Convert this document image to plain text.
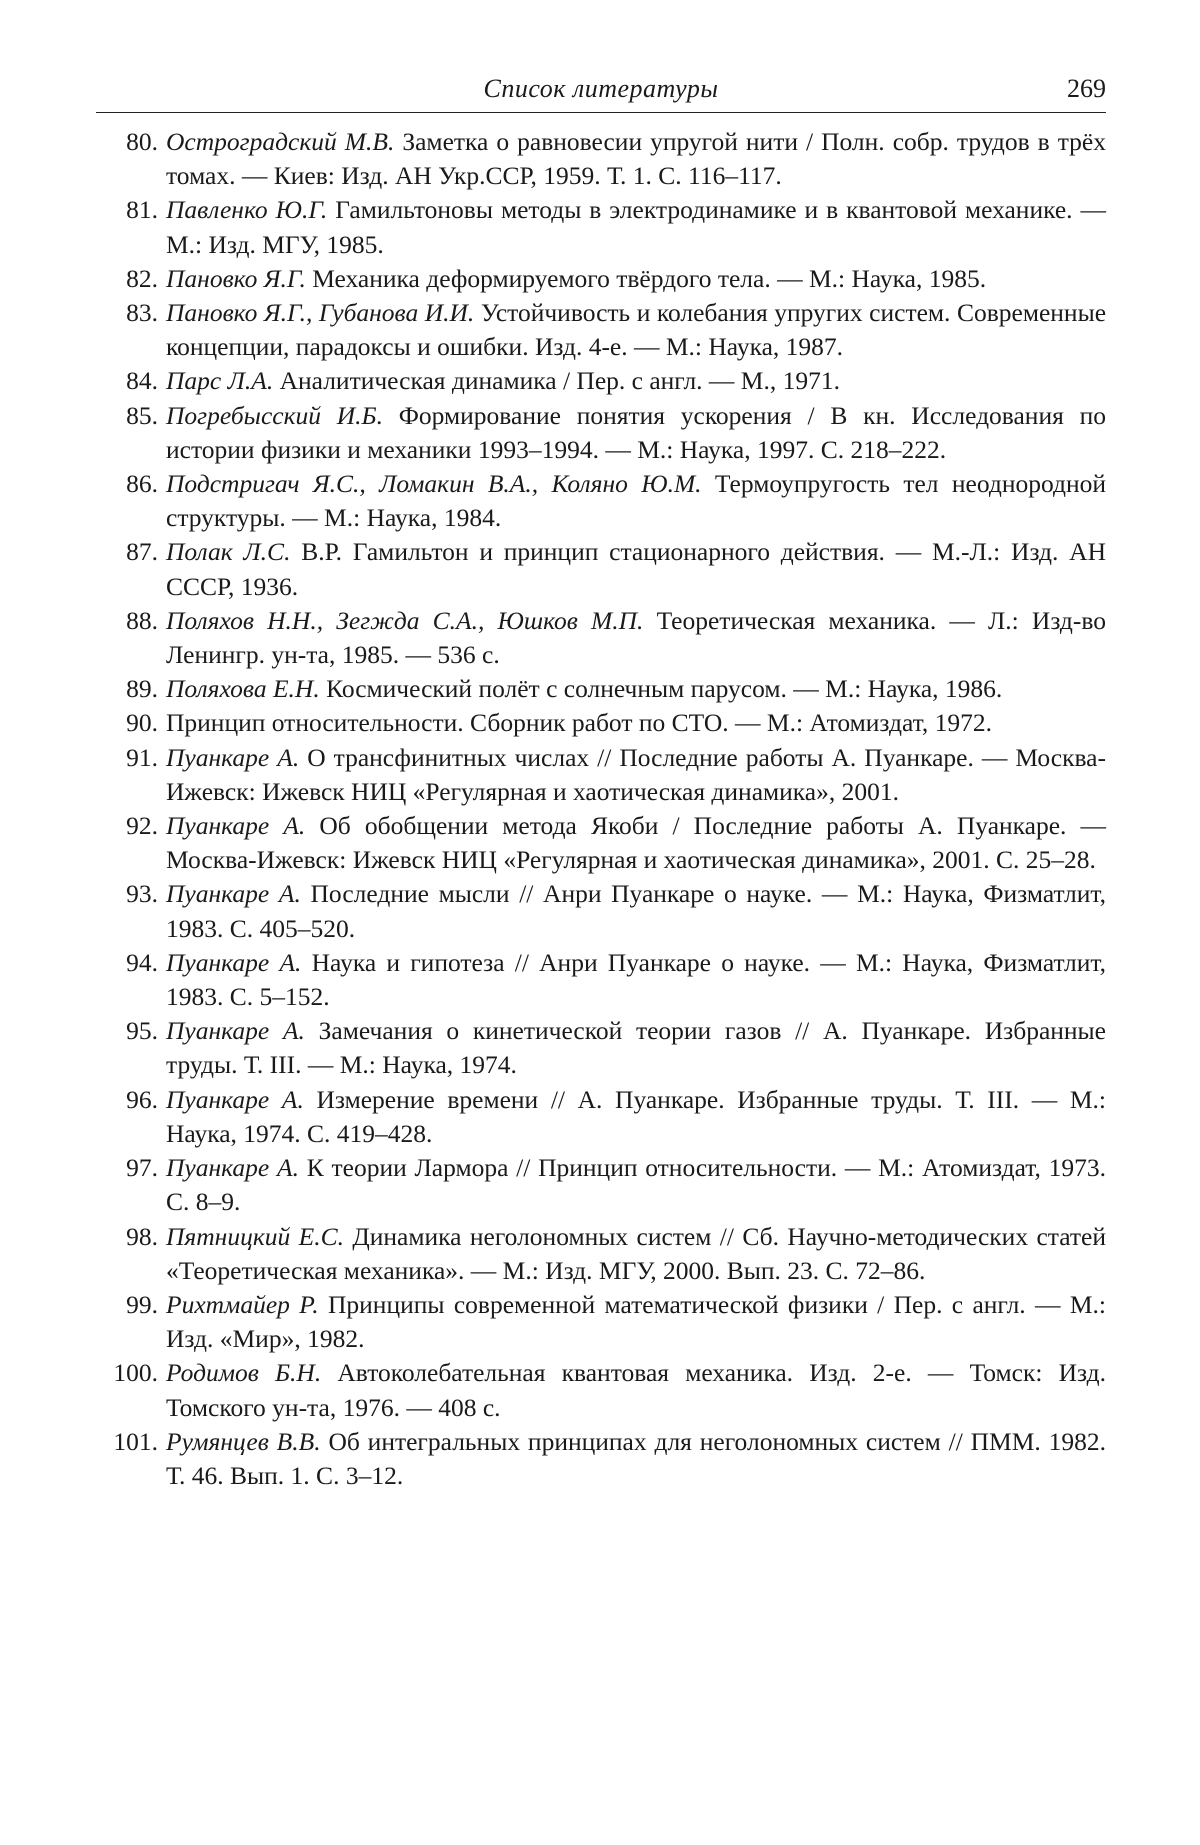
Список литературы	269
80. Остроградский М.В. Заметка о равновесии упругой нити / Полн. собр. трудов в трёх томах. — Киев: Изд. АН Укр.ССР, 1959. Т. 1. С. 116–117.
81. Павленко Ю.Г. Гамильтоновы методы в электродинамике и в квантовой механике. — М.: Изд. МГУ, 1985.
82. Пановко Я.Г. Механика деформируемого твёрдого тела. — М.: Наука, 1985.
83. Пановко Я.Г., Губанова И.И. Устойчивость и колебания упругих систем. Современные концепции, парадоксы и ошибки. Изд. 4-е. — М.: Наука, 1987.
84. Парс Л.А. Аналитическая динамика / Пер. с англ. — М., 1971.
85. Погребысский И.Б. Формирование понятия ускорения / В кн. Исследования по истории физики и механики 1993–1994. — М.: Наука, 1997. С. 218–222.
86. Подстригач Я.С., Ломакин В.А., Коляно Ю.М. Термоупругость тел неоднородной структуры. — М.: Наука, 1984.
87. Полак Л.С. В.Р. Гамильтон и принцип стационарного действия. — М.-Л.: Изд. АН СССР, 1936.
88. Поляхов Н.Н., Зегжда С.А., Юшков М.П. Теоретическая механика. — Л.: Изд-во Ленингр. ун-та, 1985. — 536 с.
89. Поляхова Е.Н. Космический полёт с солнечным парусом. — М.: Наука, 1986.
90. Принцип относительности. Сборник работ по СТО. — М.: Атомиздат, 1972.
91. Пуанкаре А. О трансфинитных числах // Последние работы А. Пуанкаре. — Москва-Ижевск: Ижевск НИЦ «Регулярная и хаотическая динамика», 2001.
92. Пуанкаре А. Об обобщении метода Якоби / Последние работы А. Пуанкаре. — Москва-Ижевск: Ижевск НИЦ «Регулярная и хаотическая динамика», 2001. С. 25–28.
93. Пуанкаре А. Последние мысли // Анри Пуанкаре о науке. — М.: Наука, Физматлит, 1983. С. 405–520.
94. Пуанкаре А. Наука и гипотеза // Анри Пуанкаре о науке. — М.: Наука, Физматлит, 1983. С. 5–152.
95. Пуанкаре А. Замечания о кинетической теории газов // А. Пуанкаре. Избранные труды. Т. III. — М.: Наука, 1974.
96. Пуанкаре А. Измерение времени // А. Пуанкаре. Избранные труды. Т. III. — М.: Наука, 1974. С. 419–428.
97. Пуанкаре А. К теории Лармора // Принцип относительности. — М.: Атомиздат, 1973. С. 8–9.
98. Пятницкий Е.С. Динамика неголономных систем // Сб. Научно-методических статей «Теоретическая механика». — М.: Изд. МГУ, 2000. Вып. 23. С. 72–86.
99. Рихтмайер Р. Принципы современной математической физики / Пер. с англ. — М.: Изд. «Мир», 1982.
100. Родимов Б.Н. Автоколебательная квантовая механика. Изд. 2-е. — Томск: Изд. Томского ун-та, 1976. — 408 с.
101. Румянцев В.В. Об интегральных принципах для неголономных систем // ПММ. 1982. Т. 46. Вып. 1. С. 3–12.
